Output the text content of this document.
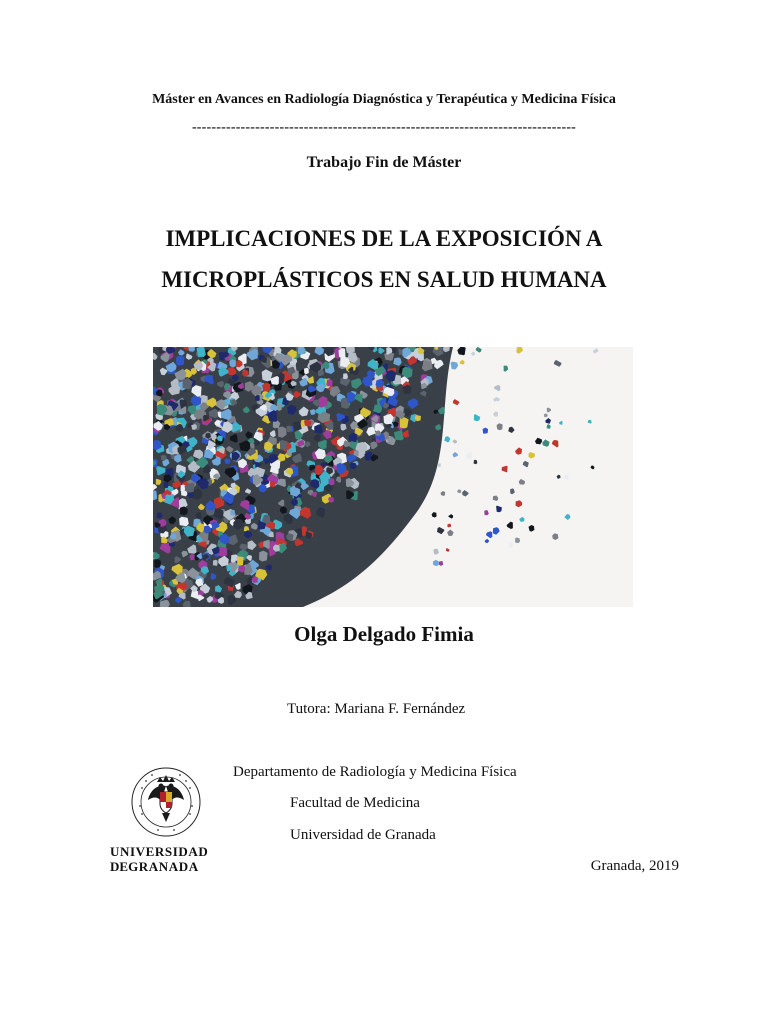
Máster en Avances en Radiología Diagnóstica y Terapéutica y Medicina Física
-------------------------------------------------------------------------------
Trabajo Fin de Máster
IMPLICACIONES DE LA EXPOSICIÓN A
MICROPLÁSTICOS EN SALUD HUMANA
Olga Delgado Fimia
Tutora: Mariana F. Fernández
Departamento de Radiología y Medicina Física
Facultad de Medicina
Universidad de Granada
Granada, 2019
UNIVERSIDAD
DEGRANADA
